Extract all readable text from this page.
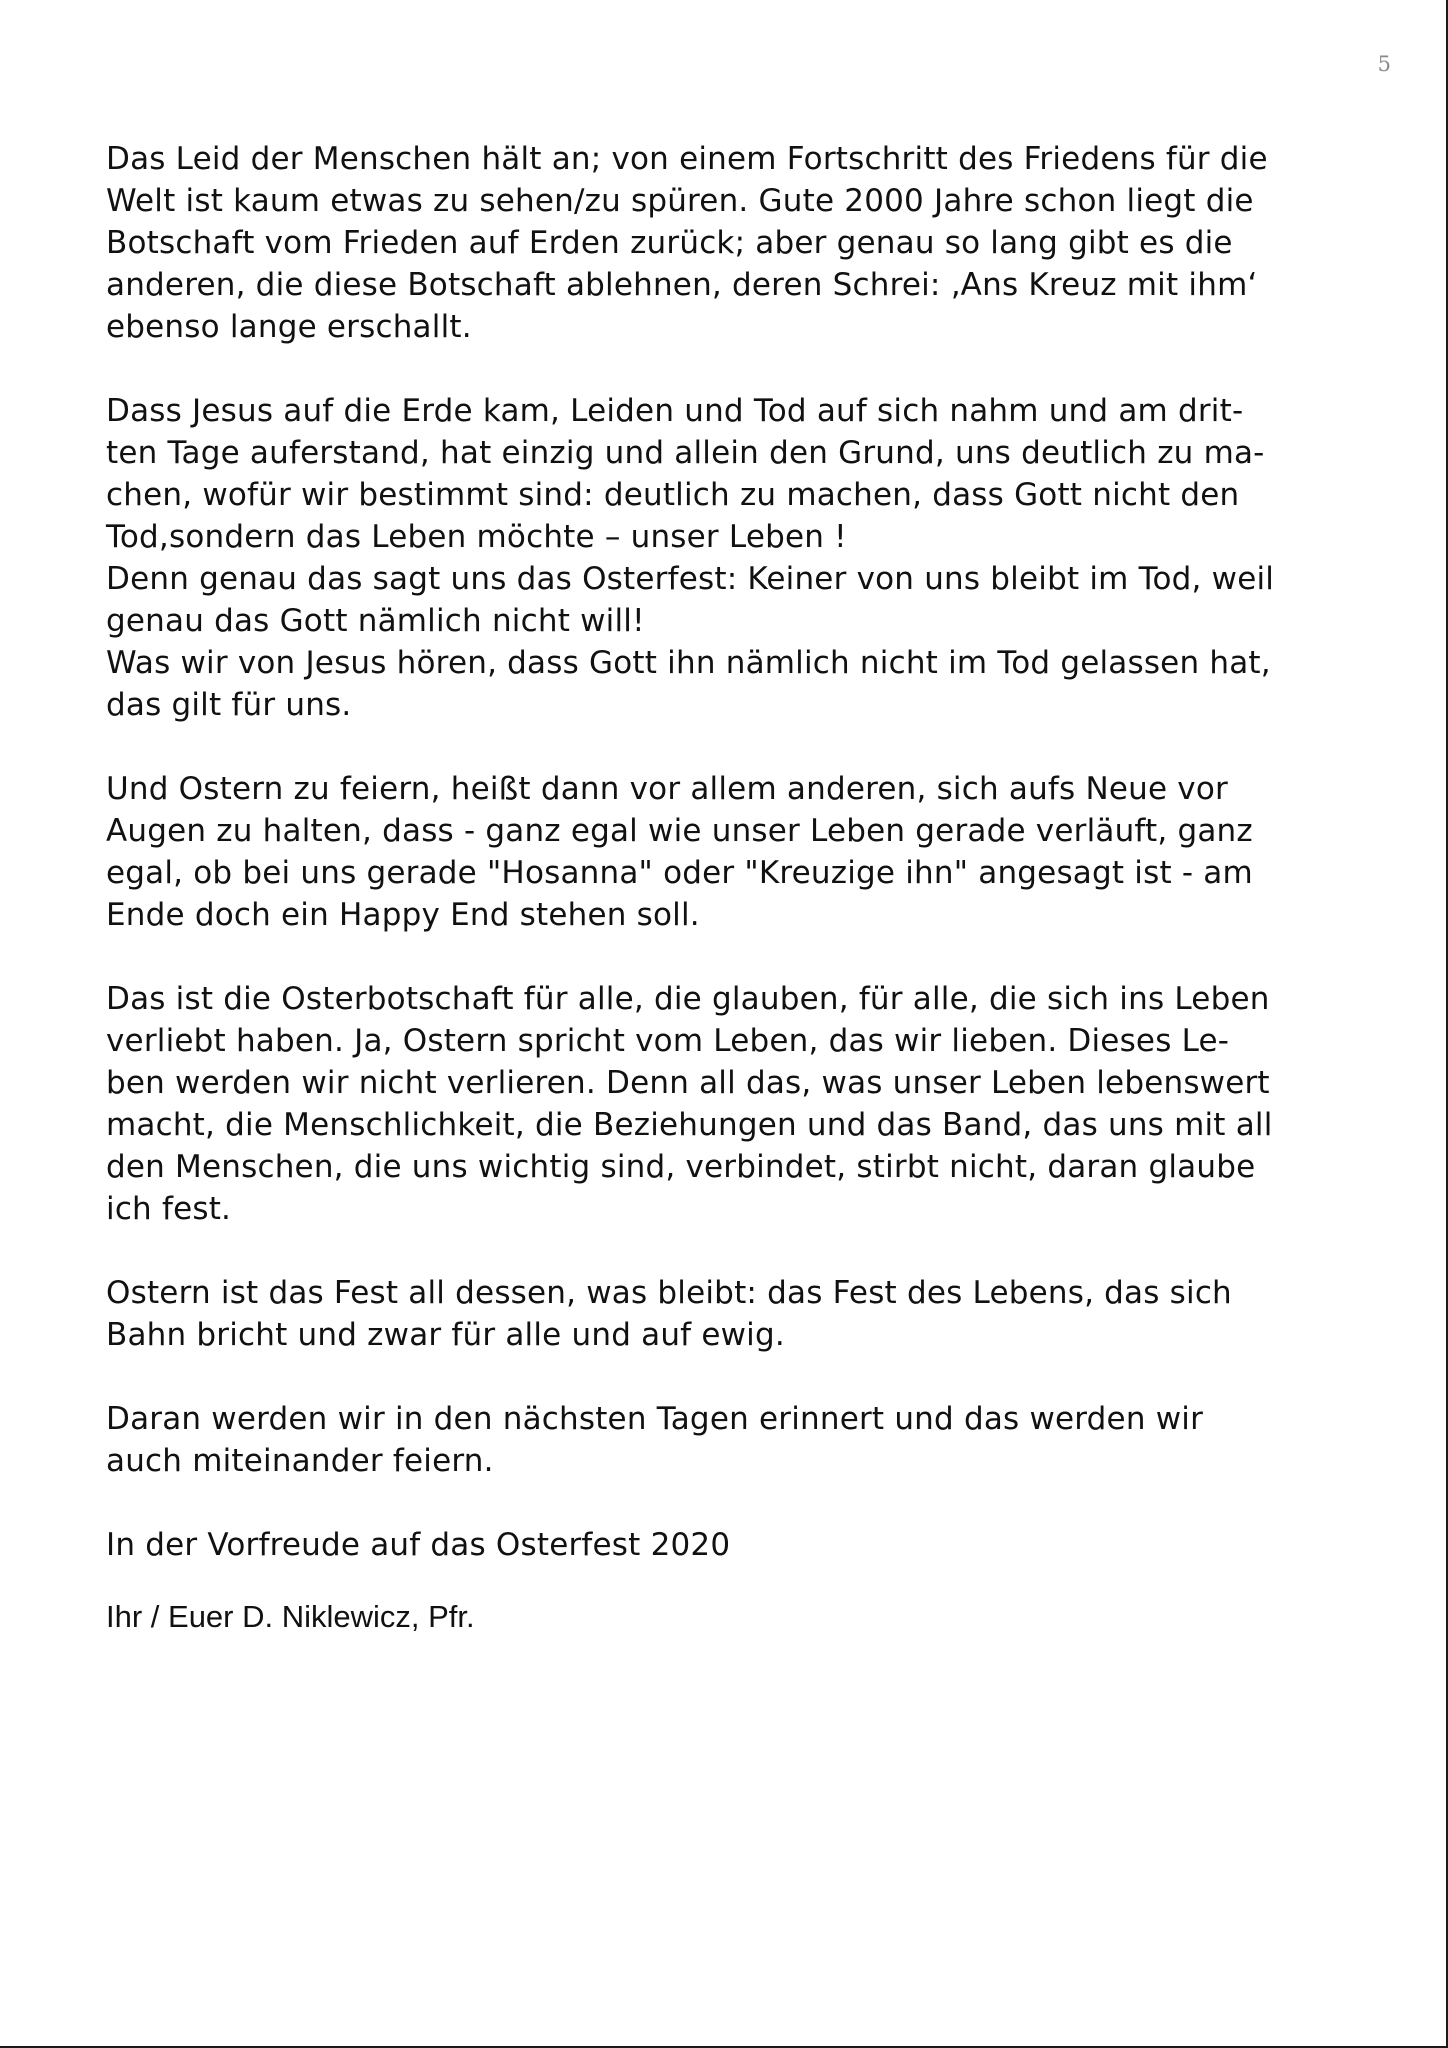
5

Das Leid der Menschen hält an; von einem Fortschritt des Friedens für die
Welt ist kaum etwas zu sehen/zu spüren. Gute 2000 Jahre schon liegt die
Botschaft vom Frieden auf Erden zurück; aber genau so lang gibt es die
anderen, die diese Botschaft ablehnen, deren Schrei: ‚Ans Kreuz mit ihm‘
ebenso lange erschallt.

Dass Jesus auf die Erde kam, Leiden und Tod auf sich nahm und am drit-
ten Tage auferstand, hat einzig und allein den Grund, uns deutlich zu ma-
chen, wofür wir bestimmt sind: deutlich zu machen, dass Gott nicht den
Tod,sondern das Leben möchte – unser Leben !
Denn genau das sagt uns das Osterfest: Keiner von uns bleibt im Tod, weil
genau das Gott nämlich nicht will!
Was wir von Jesus hören, dass Gott ihn nämlich nicht im Tod gelassen hat,
das gilt für uns.

Und Ostern zu feiern, heißt dann vor allem anderen, sich aufs Neue vor
Augen zu halten, dass - ganz egal wie unser Leben gerade verläuft, ganz
egal, ob bei uns gerade "Hosanna" oder "Kreuzige ihn" angesagt ist - am
Ende doch ein Happy End stehen soll.

Das ist die Osterbotschaft für alle, die glauben, für alle, die sich ins Leben
verliebt haben. Ja, Ostern spricht vom Leben, das wir lieben. Dieses Le-
ben werden wir nicht verlieren. Denn all das, was unser Leben lebenswert
macht, die Menschlichkeit, die Beziehungen und das Band, das uns mit all
den Menschen, die uns wichtig sind, verbindet, stirbt nicht, daran glaube
ich fest.

Ostern ist das Fest all dessen, was bleibt: das Fest des Lebens, das sich
Bahn bricht und zwar für alle und auf ewig.

Daran werden wir in den nächsten Tagen erinnert und das werden wir
auch miteinander feiern.

In der Vorfreude auf das Osterfest 2020

Ihr / Euer D. Niklewicz, Pfr.
